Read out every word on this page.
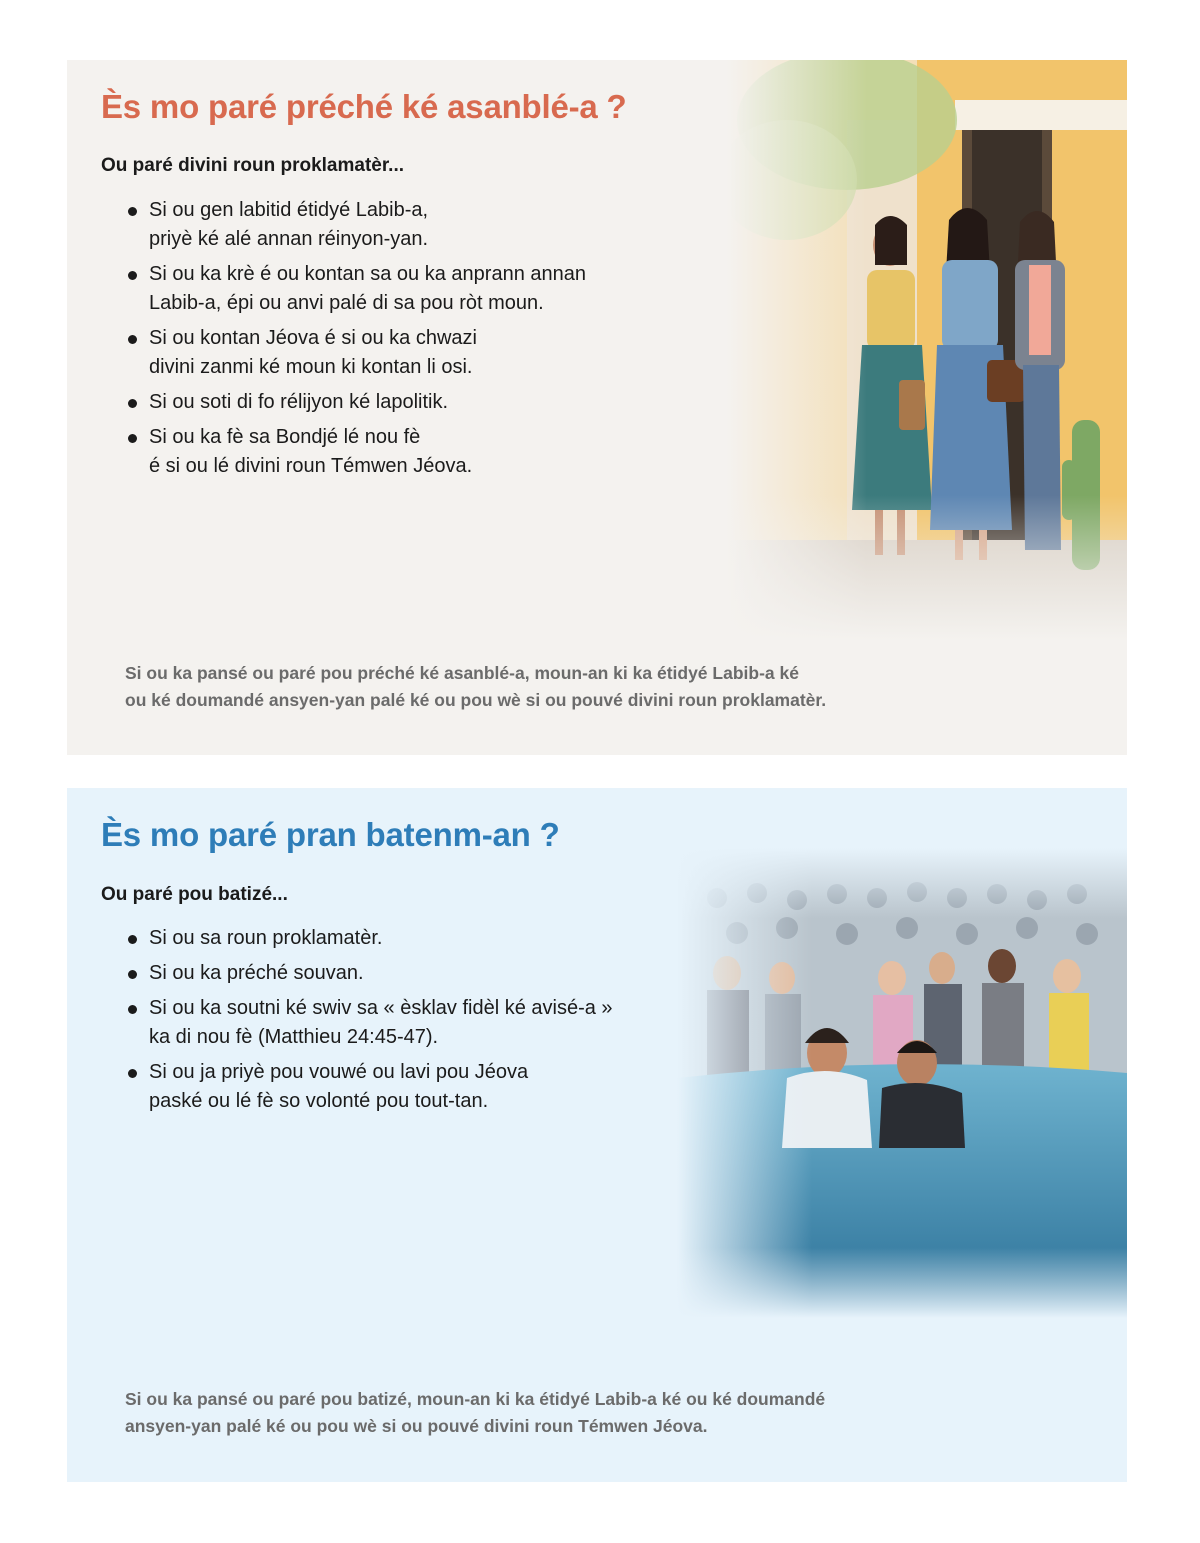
Ès mo paré préché ké asanblé-a ?

Ou paré divini roun proklamatèr...

Si ou gen labitid étidyé Labib-a,
priyè ké alé annan réinyon-yan.
Si ou ka krè é ou kontan sa ou ka anprann annan
Labib-a, épi ou anvi palé di sa pou ròt moun.
Si ou kontan Jéova é si ou ka chwazi
divini zanmi ké moun ki kontan li osi.
Si ou soti di fo rélijyon ké lapolitik.
Si ou ka fè sa Bondjé lé nou fè
é si ou lé divini roun Témwen Jéova.

Si ou ka pansé ou paré pou préché ké asanblé-a, moun-an ki ka étidyé Labib-a ké
ou ké doumandé ansyen-yan palé ké ou pou wè si ou pouvé divini roun proklamatèr.

Ès mo paré pran batenm-an ?

Ou paré pou batizé...

Si ou sa roun proklamatèr.
Si ou ka préché souvan.
Si ou ka soutni ké swiv sa « èsklav fidèl ké avisé-a »
ka di nou fè (Matthieu 24:45-47).
Si ou ja priyè pou vouwé ou lavi pou Jéova
paské ou lé fè so volonté pou tout-tan.

Si ou ka pansé ou paré pou batizé, moun-an ki ka étidyé Labib-a ké ou ké doumandé
ansyen-yan palé ké ou pou wè si ou pouvé divini roun Témwen Jéova.
